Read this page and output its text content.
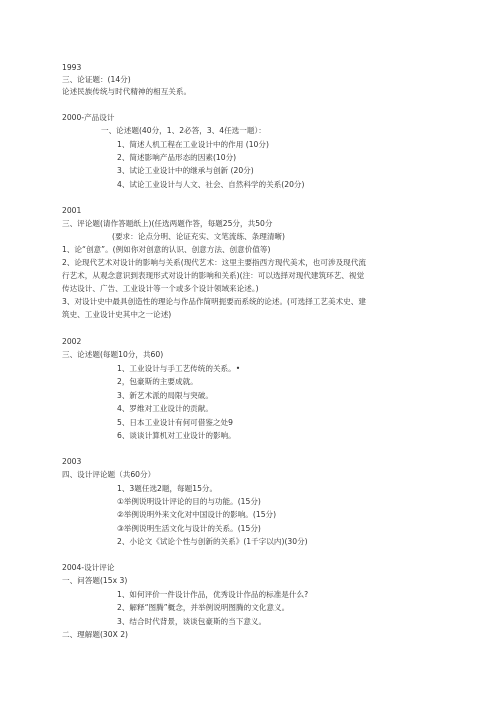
1993
三、论证题：(14分)
论述民族传统与时代精神的相互关系。
2000-产品设计
一、论述题(40分，1、2必答，3、4任选一题）：
1、简述人机工程在工业设计中的作用 (10分)
2、简述影响产品形态的因素(10分)
3、试论工业设计中的继承与创新 (20分)
4、试论工业设计与人文、社会、自然科学的关系(20分)
2001
三、评论题(请作答题纸上)(任选两题作答，每题25分，共50分
(要求：论点分明、论证充实、文笔流练、条理清晰)
1、论“创意”。(例如你对创意的认识、创意方法、创意价值等)
2、论现代艺术对设计的影响与关系(现代艺术：这里主要指西方现代美术，也可涉及现代流
行艺术，从观念意识到表现形式对设计的影响和关系)(注：可以选择对现代建筑环艺、视觉
传达设计、广告、工业设计等一个或多个设计领域来论述。)
3、对设计史中最具创造性的理论与作品作简明扼要而系统的论述。(可选择工艺美术史、建
筑史、工业设计史其中之一论述)
2002
三、论述题(每题10分，共60)
1、工业设计与手工艺传统的关系。•
2，包豪斯的主要成就。
3、新艺术派的局限与突破。
4、罗维对工业设计的贡献。
5、日本工业设计有何可借鉴之处9
6、谈谈计算机对工业设计的影响。
2003
四、设计评论题（共60分）
1、3题任选2题，每题15分。
①举例说明设计评论的目的与功能。(15分)
②举例说明外来文化对中国设计的影响。(15分)
③举例说明生活文化与设计的关系。(15分)
2、小论文《试论个性与创新的关系》(1千字以内)(30分)
2004-设计评论
一、问答题(15x 3)
1、如何评价一件设计作品，优秀设计作品的标准是什么?
2、解释“图腾”概念，并举例说明图腾的文化意义。
3、结合时代背景，谈谈包豪斯的当下意义。
二、理解题(30X 2)
